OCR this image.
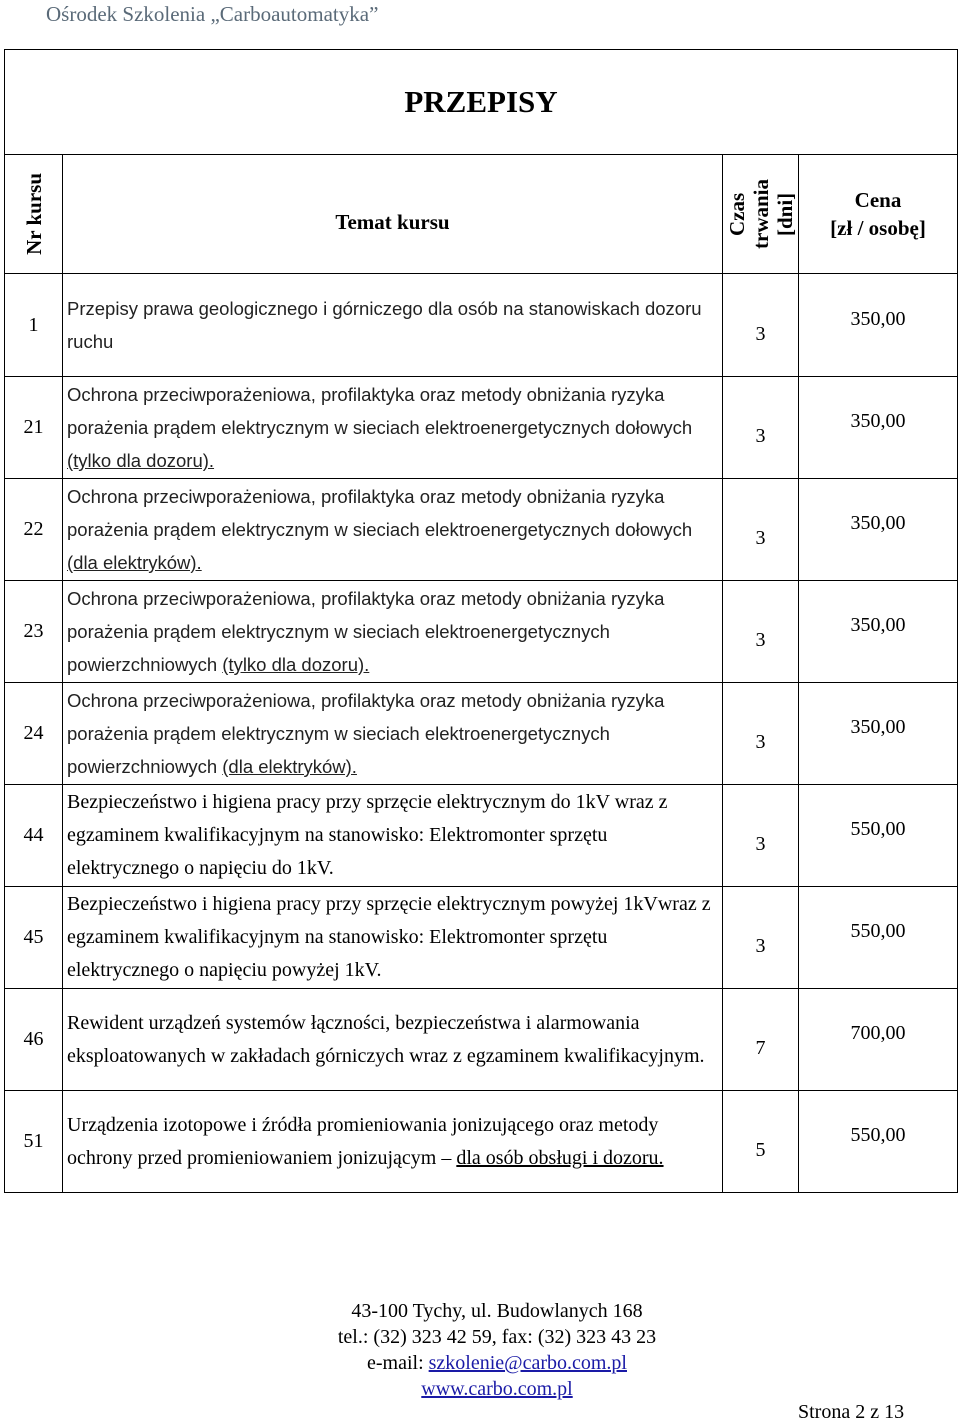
Ośrodek Szkolenia „Carboautomatyka”
PRZEPISY			

Nr kursu	Temat kursu	Czas trwania [dni]	Cena
[zł / osobę]

1	Przepisy prawa geologicznego i górniczego dla osób na stanowiskach dozoru ruchu	3	350,00
21	Ochrona przeciwporażeniowa, profilaktyka oraz metody obniżania ryzyka porażenia prądem elektrycznym w sieciach elektroenergetycznych dołowych (tylko dla dozoru).	3	350,00
22	Ochrona przeciwporażeniowa, profilaktyka oraz metody obniżania ryzyka porażenia prądem elektrycznym w sieciach elektroenergetycznych dołowych (dla elektryków).	3	350,00
23	Ochrona przeciwporażeniowa, profilaktyka oraz metody obniżania ryzyka porażenia prądem elektrycznym w sieciach elektroenergetycznych powierzchniowych (tylko dla dozoru).	3	350,00
24	Ochrona przeciwporażeniowa, profilaktyka oraz metody obniżania ryzyka porażenia prądem elektrycznym w sieciach elektroenergetycznych powierzchniowych (dla elektryków).	3	350,00
44	Bezpieczeństwo i higiena pracy przy sprzęcie elektrycznym do 1kV wraz z egzaminem kwalifikacyjnym na stanowisko: Elektromonter sprzętu elektrycznego o napięciu do 1kV.	3	550,00
45	Bezpieczeństwo i higiena pracy przy sprzęcie elektrycznym powyżej 1kVwraz z egzaminem kwalifikacyjnym na stanowisko: Elektromonter sprzętu elektrycznego o napięciu powyżej 1kV.	3	550,00
46	Rewident urządzeń systemów łączności, bezpieczeństwa i alarmowania eksploatowanych w zakładach górniczych wraz z egzaminem kwalifikacyjnym.	7	700,00
51	Urządzenia izotopowe i źródła promieniowania jonizującego oraz metody ochrony przed promieniowaniem jonizującym – dla osób obsługi i dozoru.	5	550,00
43-100 Tychy, ul. Budowlanych 168
tel.: (32) 323 42 59, fax: (32) 323 43 23
e-mail: szkolenie@carbo.com.pl
www.carbo.com.pl
Strona 2 z 13
